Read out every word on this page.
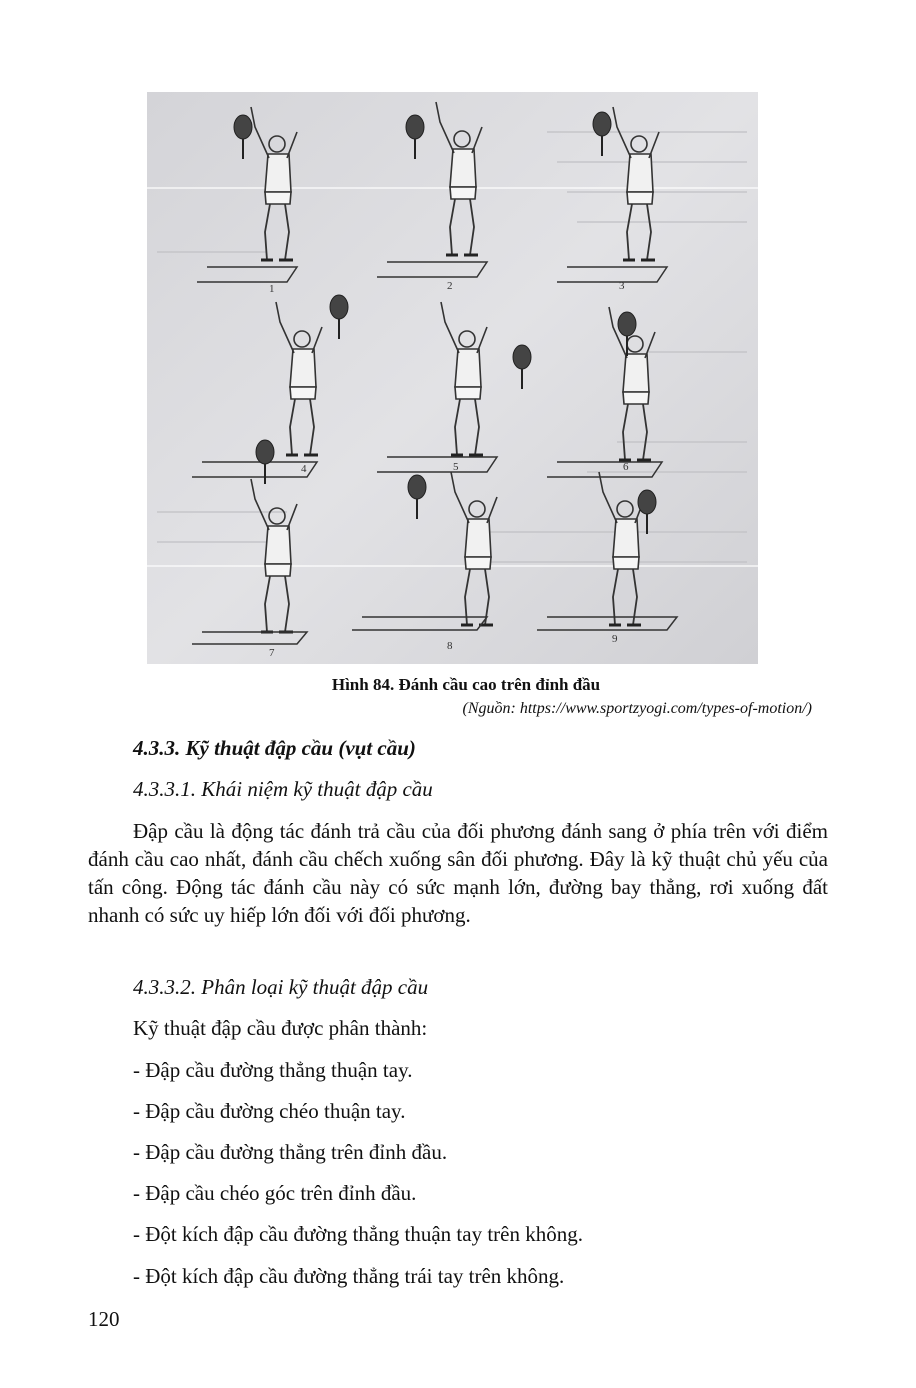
1	2	3
4	5	6
7
8
9
Hình 84. Đánh cầu cao trên đỉnh đầu
(Nguồn: https://www.sportzyogi.com/types-of-motion/)
4.3.3. Kỹ thuật đập cầu (vụt cầu)
4.3.3.1. Khái niệm kỹ thuật đập cầu
Đập cầu là động tác đánh trả cầu của đối phương đánh sang ở phía trên với điểm đánh cầu cao nhất, đánh cầu chếch xuống sân đối phương. Đây là kỹ thuật chủ yếu của tấn công. Động tác đánh cầu này có sức mạnh lớn, đường bay thẳng, rơi xuống đất nhanh có sức uy hiếp lớn đối với đối phương.
4.3.3.2. Phân loại kỹ thuật đập cầu
Kỹ thuật đập cầu được phân thành:
- Đập cầu đường thẳng thuận tay.
- Đập cầu đường chéo thuận tay.
- Đập cầu đường thẳng trên đỉnh đầu.
- Đập cầu chéo góc trên đỉnh đầu.
- Đột kích đập cầu đường thẳng thuận tay trên không.
- Đột kích đập cầu đường thẳng trái tay trên không.
120
